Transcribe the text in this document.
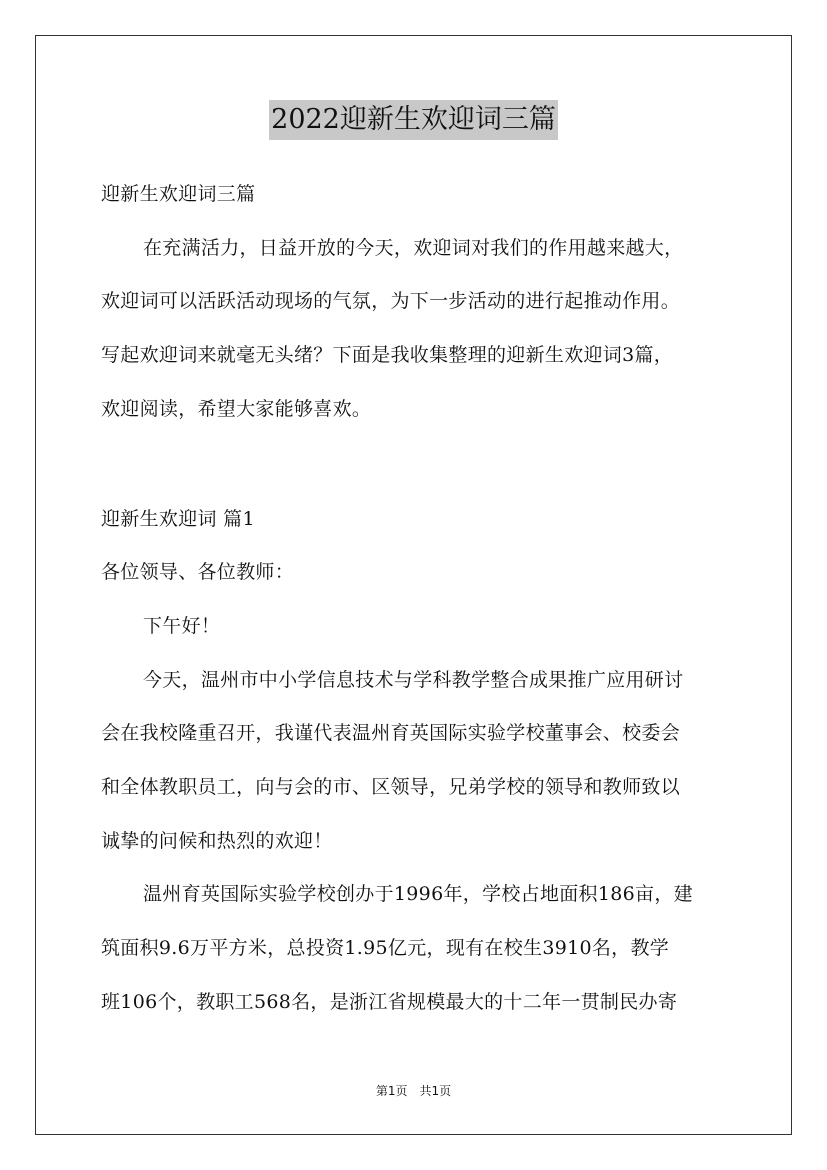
2022迎新生欢迎词三篇
迎新生欢迎词三篇
在充满活力，日益开放的今天，欢迎词对我们的作用越来越大，
欢迎词可以活跃活动现场的气氛，为下一步活动的进行起推动作用。
写起欢迎词来就毫无头绪？下面是我收集整理的迎新生欢迎词3篇，
欢迎阅读，希望大家能够喜欢。
迎新生欢迎词 篇1
各位领导、各位教师：
下午好！
今天，温州市中小学信息技术与学科教学整合成果推广应用研讨
会在我校隆重召开，我谨代表温州育英国际实验学校董事会、校委会
和全体教职员工，向与会的市、区领导，兄弟学校的领导和教师致以
诚挚的问候和热烈的欢迎！
温州育英国际实验学校创办于1996年，学校占地面积186亩，建
筑面积9.6万平方米，总投资1.95亿元，现有在校生3910名，教学
班106个，教职工568名，是浙江省规模最大的十二年一贯制民办寄
第1页 共1页
